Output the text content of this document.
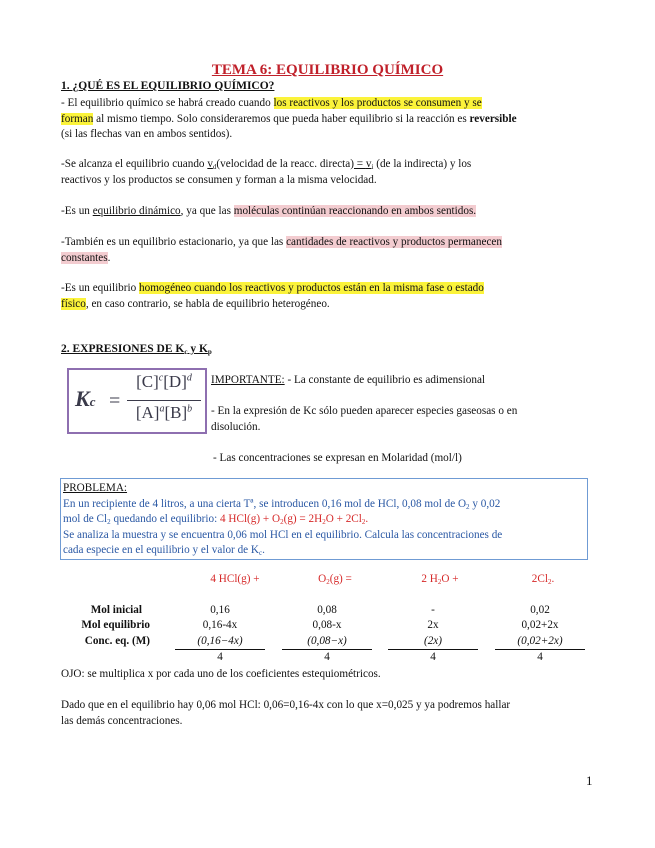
TEMA 6: EQUILIBRIO QUÍMICO
1. ¿QUÉ ES EL EQUILIBRIO QUÍMICO?
- El equilibrio químico se habrá creado cuando los reactivos y los productos se consumen y se
forman al mismo tiempo. Solo consideraremos que pueda haber equilibrio si la reacción es reversible
(si las flechas van en ambos sentidos).
-Se alcanza el equilibrio cuando $v_d(velocidad$ de la reacc. directa) = $v_i$ (de la indirecta) y los
reactivos y los productos se consumen y forman a la misma velocidad.
-Es un equilibrio dinámico, ya que las moléculas continúan reaccionando en ambos sentidos.
-También es un equilibrio estacionario, ya que las cantidades de reactivos y productos permanecen
constantes.
-Es un equilibrio homogéneo cuando los reactivos y productos están en la misma fase o estado
físico, en caso contrario, se habla de equilibrio heterogéneo.
2. EXPRESIONES DE $K_c$ y $K_p$
Kc =
$[C]^c[D]^d$
$[A]^a[B]^b$
IMPORTANTE: - La constante de equilibrio es adimensional
- En la expresión de Kc sólo pueden aparecer especies gaseosas o en
disolución.
- Las concentraciones se expresan en Molaridad (mol/l)
PROBLEMA:
En un recipiente de 4 litros, a una cierta Tª, se introducen 0,16 mol de HCl, 0,08 mol de $O_2$ y 0,02
mol de $Cl_2$ quedando el equilibrio: 4 $HCl(g) + O_2(g) = 2H_2O + 2Cl_2$.
Se analiza la muestra y se encuentra 0,06 mol HCl en el equilibrio. Calcula las concentraciones de
cada especie en el equilibrio y el valor de $K_c$.
4 HCl(g) +	$O_2(g)$ =	2 $H_2O$ +	$2Cl_2$.
Mol inicial	0,16	0,08	-	0,02
Mol equilibrio	0,16-4x	0,08-x	2x	0,02+2x
Conc. eq. $(M) \frac{(0,16-4x)}{4} \frac{(0,08-x)}{4} \frac{(2x)}{4} \frac{(0,02+2x)}{4}$
OJO: se multiplica x por cada uno de los coeficientes estequiométricos.
Dado que en el equilibrio hay 0,06 mol HCl: 0,06=0,16-4x con lo que x=0,025 y ya podremos hallar
las demás concentraciones.
1
